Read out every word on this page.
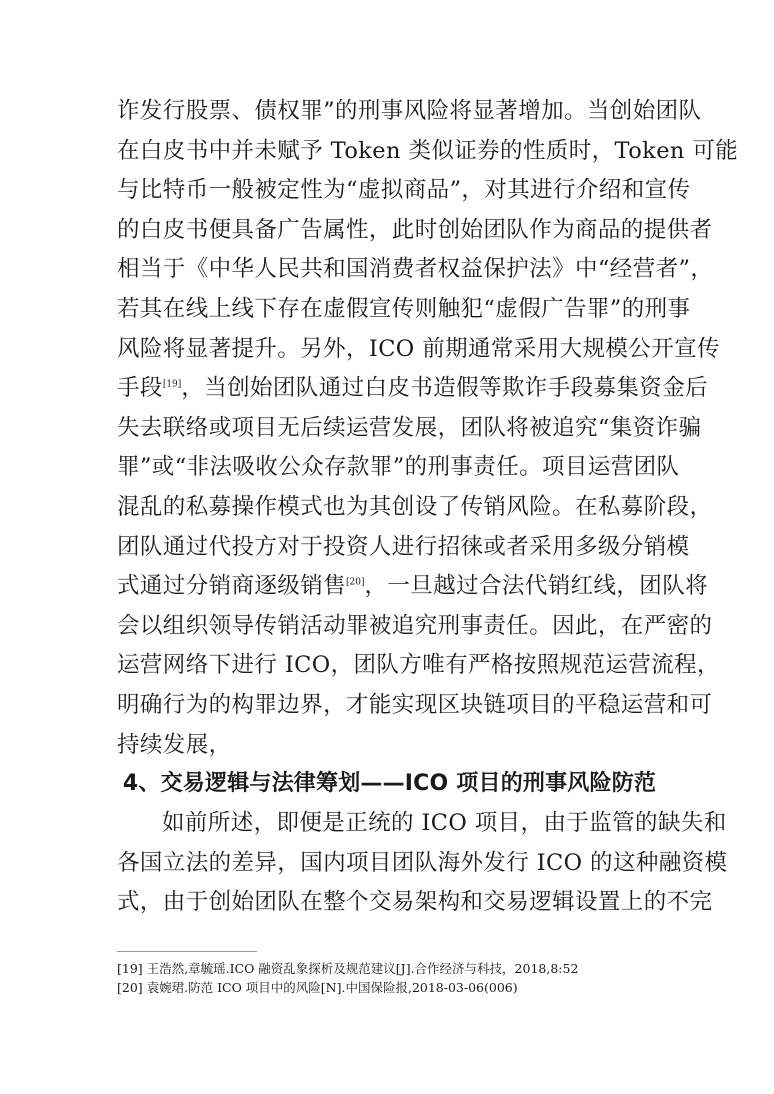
诈发行股票、债权罪”的刑事风险将显著增加。当创始团队
在白皮书中并未赋予 Token 类似证券的性质时，Token 可能
与比特币一般被定性为“虚拟商品”，对其进行介绍和宣传
的白皮书便具备广告属性，此时创始团队作为商品的提供者
相当于《中华人民共和国消费者权益保护法》中“经营者”，
若其在线上线下存在虚假宣传则触犯“虚假广告罪”的刑事
风险将显著提升。另外，ICO 前期通常采用大规模公开宣传
手段[19]，当创始团队通过白皮书造假等欺诈手段募集资金后
失去联络或项目无后续运营发展，团队将被追究“集资诈骗
罪”或“非法吸收公众存款罪”的刑事责任。项目运营团队
混乱的私募操作模式也为其创设了传销风险。在私募阶段，
团队通过代投方对于投资人进行招徕或者采用多级分销模
式通过分销商逐级销售[20]，一旦越过合法代销红线，团队将
会以组织领导传销活动罪被追究刑事责任。因此，在严密的
运营网络下进行 ICO，团队方唯有严格按照规范运营流程，
明确行为的构罪边界，才能实现区块链项目的平稳运营和可
持续发展，
4、交易逻辑与法律筹划——ICO 项目的刑事风险防范
如前所述，即便是正统的 ICO 项目，由于监管的缺失和
各国立法的差异，国内项目团队海外发行 ICO 的这种融资模
式，由于创始团队在整个交易架构和交易逻辑设置上的不完
[19] 王浩然,章毓瑶.ICO 融资乱象探析及规范建议[J].合作经济与科技，2018,8:52
[20] 袁婉珺.防范 ICO 项目中的风险[N].中国保险报,2018-03-06(006)
